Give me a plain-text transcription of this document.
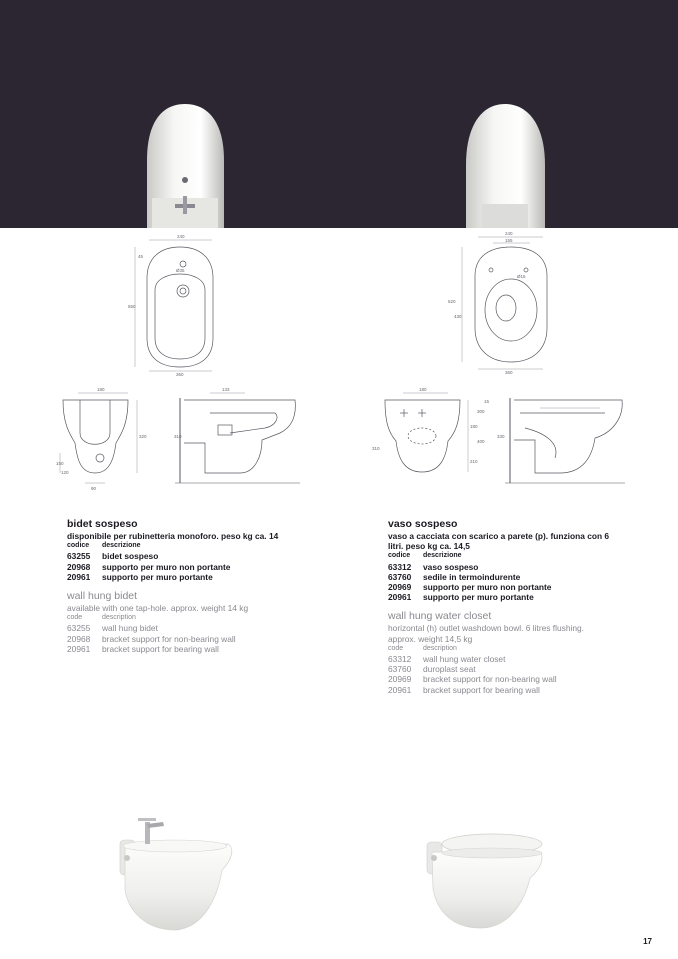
240
Ø35
45
550
360
180
150
120
320
90
133
310
240
155
Ø16
520
430
360
180
310
180
210
300
400
330
15
bidet sospeso
disponibile per rubinetteria monoforo. peso kg ca. 14
codice	descrizione
63255	bidet sospeso
20968	supporto per muro non portante
20961	supporto per muro portante
wall hung bidet
available with one tap-hole. approx. weight 14 kg
code	description
63255	wall hung bidet
20968	bracket support for non-bearing wall
20961	bracket support for bearing wall
vaso sospeso
vaso a cacciata con scarico a parete (p). funziona con 6
litri. peso kg ca. 14,5
codice	descrizione
63312	vaso sospeso
63760	sedile in termoindurente
20969	supporto per muro non portante
20961	supporto per muro portante
wall hung water closet
horizontal (h) outlet washdown bowl. 6 litres flushing.
approx. weight 14,5 kg
code	description
63312	wall hung water closet
63760	duroplast seat
20969	bracket support for non-bearing wall
20961	bracket support for bearing wall
17
